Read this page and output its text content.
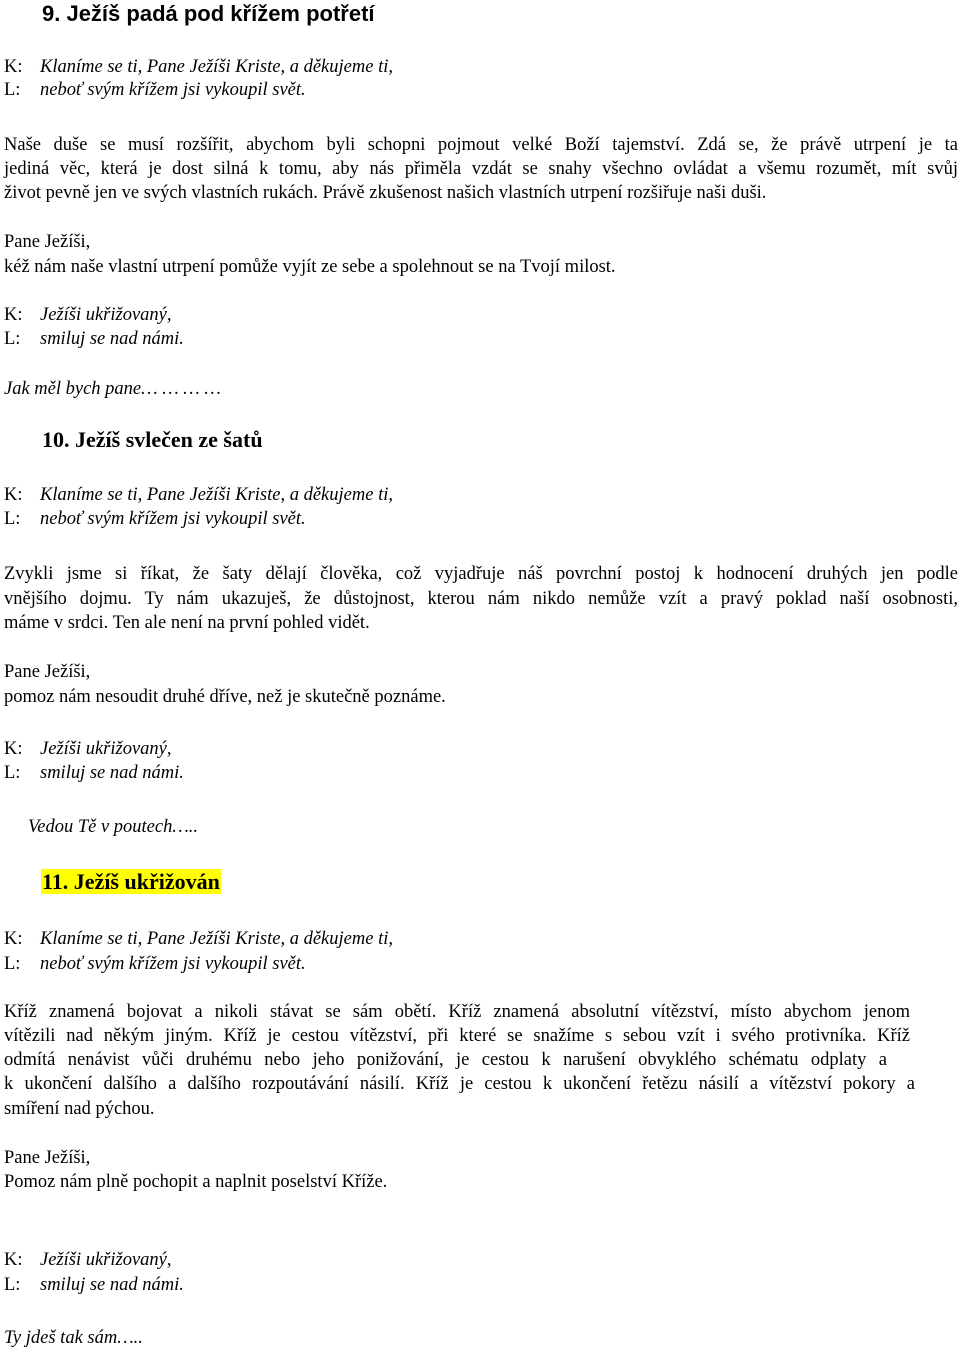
9. Ježíš padá pod křížem potřetí
K: Klaníme se ti, Pane Ježíši Kriste, a děkujeme ti,
L: neboť svým křížem jsi vykoupil svět.
Naše duše se musí rozšířit, abychom byli schopni pojmout velké Boží tajemství. Zdá se, že právě utrpení je ta
jediná věc, která je dost silná k tomu, aby nás přiměla vzdát se snahy všechno ovládat a všemu rozumět, mít svůj
život pevně jen ve svých vlastních rukách. Právě zkušenost našich vlastních utrpení rozšiřuje naši duši.
Pane Ježíši,
kéž nám naše vlastní utrpení pomůže vyjít ze sebe a spolehnout se na Tvojí milost.
K: Ježíši ukřižovaný,
L: smiluj se nad námi.
Jak měl bych pane… … … …
10. Ježíš svlečen ze šatů
K: Klaníme se ti, Pane Ježíši Kriste, a děkujeme ti,
L: neboť svým křížem jsi vykoupil svět.
Zvykli jsme si říkat, že šaty dělají člověka, což vyjadřuje náš povrchní postoj k hodnocení druhých jen podle
vnějšího dojmu. Ty nám ukazuješ, že důstojnost, kterou nám nikdo nemůže vzít a pravý poklad naší osobnosti,
máme v srdci. Ten ale není na první pohled vidět.
Pane Ježíši,
pomoz nám nesoudit druhé dříve, než je skutečně poznáme.
K: Ježíši ukřižovaný,
L: smiluj se nad námi.
Vedou Tě v poutech…..
11. Ježíš ukřižován
K: Klaníme se ti, Pane Ježíši Kriste, a děkujeme ti,
L: neboť svým křížem jsi vykoupil svět.
Kříž znamená bojovat a nikoli stávat se sám obětí. Kříž znamená absolutní vítězství, místo abychom jenom
vítězili nad někým jiným. Kříž je cestou vítězství, při které se snažíme s sebou vzít i svého protivníka. Kříž
odmítá nenávist vůči druhému nebo jeho ponižování, je cestou k narušení obvyklého schématu odplaty a
k ukončení dalšího a dalšího rozpoutávání násilí. Kříž je cestou k ukončení řetězu násilí a vítězství pokory a
smíření nad pýchou.
Pane Ježíši,
Pomoz nám plně pochopit a naplnit poselství Kříže.
K: Ježíši ukřižovaný,
L: smiluj se nad námi.
Ty jdeš tak sám…..
